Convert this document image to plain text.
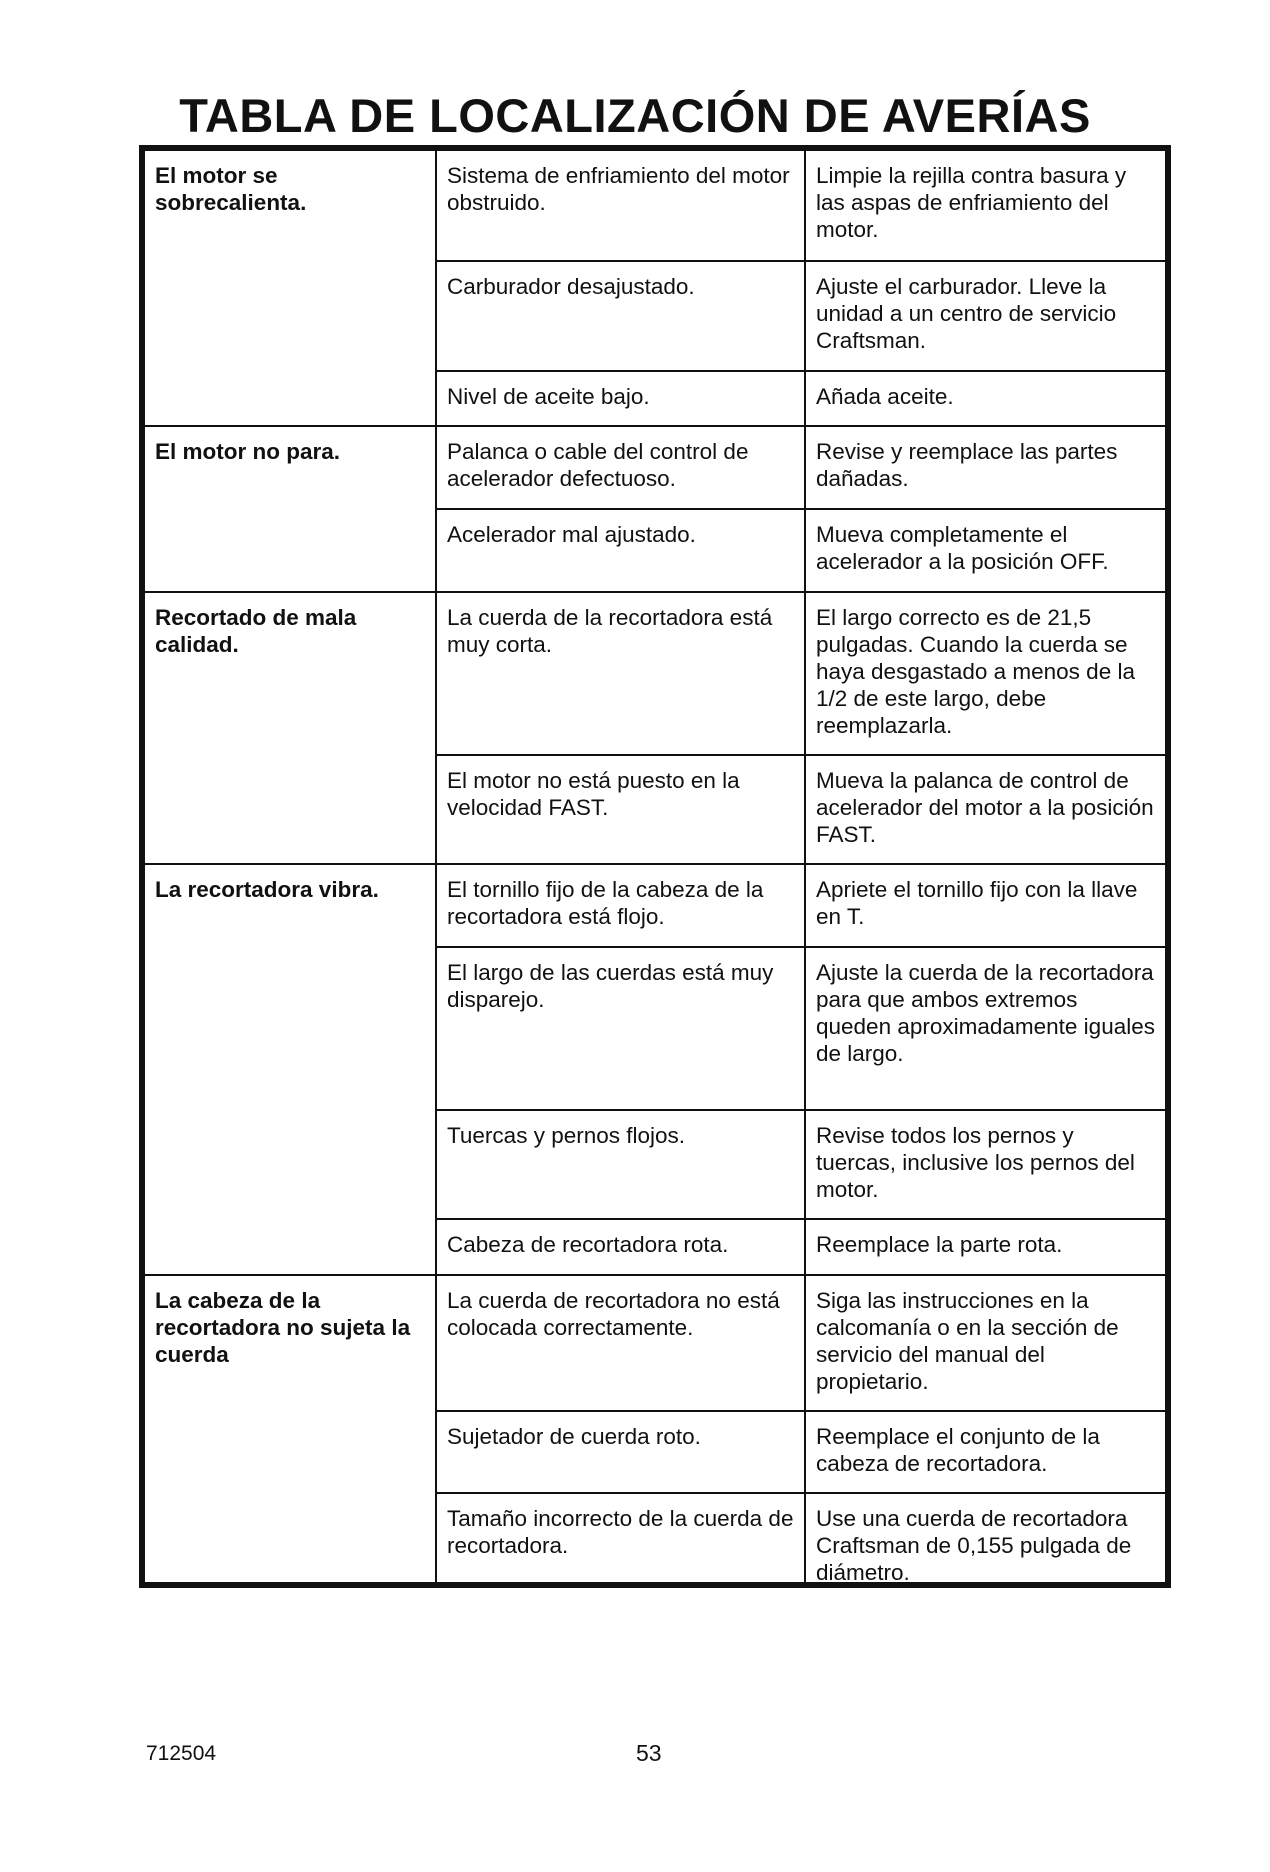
TABLA DE LOCALIZACIÓN DE AVERÍAS
El motor se sobrecalienta.	Sistema de enfriamiento del motor obstruido.	Limpie la rejilla contra basura y las aspas de enfriamiento del motor.
	Carburador desajustado.	Ajuste el carburador. Lleve la unidad a un centro de servicio Craftsman.
	Nivel de aceite bajo.	Añada aceite.
El motor no para.	Palanca o cable del control de acelerador defectuoso.	Revise y reemplace las partes dañadas.
	Acelerador mal ajustado.	Mueva completamente el acelerador a la posición OFF.
Recortado de mala calidad.	La cuerda de la recortadora está muy corta.	El largo correcto es de 21,5 pulgadas. Cuando la cuerda se haya desgastado a menos de la 1/2 de este largo, debe reemplazarla.
	El motor no está puesto en la velocidad FAST.	Mueva la palanca de control de acelerador del motor a la posición FAST.
La recortadora vibra.	El tornillo fijo de la cabeza de la recortadora está flojo.	Apriete el tornillo fijo con la llave en T.
	El largo de las cuerdas está muy disparejo.	Ajuste la cuerda de la recortadora para que ambos extremos queden aproximadamente iguales de largo.
	Tuercas y pernos flojos.	Revise todos los pernos y tuercas, inclusive los pernos del motor.
	Cabeza de recortadora rota.	Reemplace la parte rota.
La cabeza de la recortadora no sujeta la cuerda	La cuerda de recortadora no está colocada correctamente.	Siga las instrucciones en la calcomanía o en la sección de servicio del manual del propietario.
	Sujetador de cuerda roto.	Reemplace el conjunto de la cabeza de recortadora.
	Tamaño incorrecto de la cuerda de recortadora.	Use una cuerda de recortadora Craftsman de 0,155 pulgada de diámetro.
712504	53
